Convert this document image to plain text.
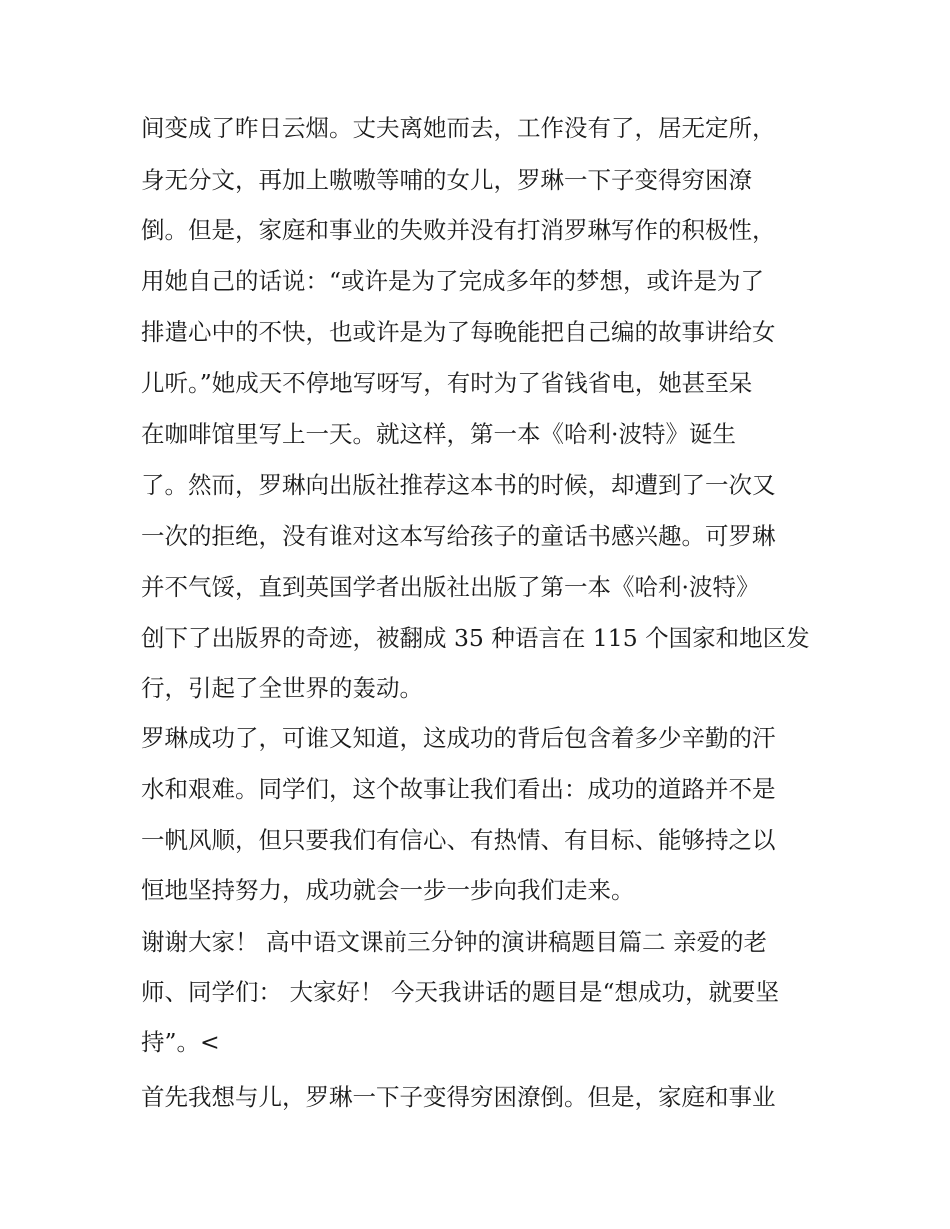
间变成了昨日云烟。丈夫离她而去，工作没有了，居无定所，
身无分文，再加上嗷嗷等哺的女儿，罗琳一下子变得穷困潦
倒。但是，家庭和事业的失败并没有打消罗琳写作的积极性，
用她自己的话说：“或许是为了完成多年的梦想，或许是为了
排遣心中的不快，也或许是为了每晚能把自己编的故事讲给女
儿听。”她成天不停地写呀写，有时为了省钱省电，她甚至呆
在咖啡馆里写上一天。就这样，第一本《哈利·波特》诞生
了。然而，罗琳向出版社推荐这本书的时候，却遭到了一次又
一次的拒绝，没有谁对这本写给孩子的童话书感兴趣。可罗琳
并不气馁，直到英国学者出版社出版了第一本《哈利·波特》
创下了出版界的奇迹，被翻成 35 种语言在 115 个国家和地区发
行，引起了全世界的轰动。
罗琳成功了，可谁又知道，这成功的背后包含着多少辛勤的汗
水和艰难。同学们，这个故事让我们看出：成功的道路并不是
一帆风顺，但只要我们有信心、有热情、有目标、能够持之以
恒地坚持努力，成功就会一步一步向我们走来。
谢谢大家！ 高中语文课前三分钟的演讲稿题目篇二 亲爱的老
师、同学们： 大家好！ 今天我讲话的题目是“想成功，就要坚
持”。<
首先我想与儿，罗琳一下子变得穷困潦倒。但是，家庭和事业
